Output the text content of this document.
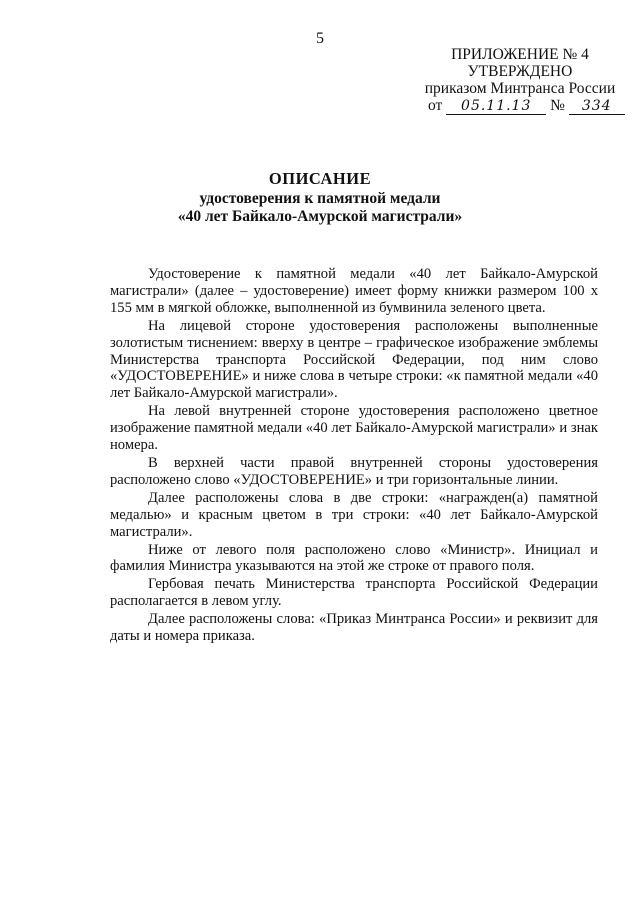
5
ПРИЛОЖЕНИЕ № 4
УТВЕРЖДЕНО
приказом Минтранса России
от 05.11.13 № 334
ОПИСАНИЕ
удостоверения к памятной медали
«40 лет Байкало-Амурской магистрали»

Удостоверение к памятной медали «40 лет Байкало-Амурской магистрали» (далее – удостоверение) имеет форму книжки размером 100 х 155 мм в мягкой обложке, выполненной из бумвинила зеленого цвета.

На лицевой стороне удостоверения расположены выполненные золотистым тиснением: вверху в центре – графическое изображение эмблемы Министерства транспорта Российской Федерации, под ним слово «УДОСТОВЕРЕНИЕ» и ниже слова в четыре строки: «к памятной медали «40 лет Байкало-Амурской магистрали».

На левой внутренней стороне удостоверения расположено цветное изображение памятной медали «40 лет Байкало-Амурской магистрали» и знак номера.

В верхней части правой внутренней стороны удостоверения расположено слово «УДОСТОВЕРЕНИЕ» и три горизонтальные линии.

Далее расположены слова в две строки: «награжден(а) памятной медалью» и красным цветом в три строки: «40 лет Байкало-Амурской магистрали».

Ниже от левого поля расположено слово «Министр». Инициал и фамилия Министра указываются на этой же строке от правого поля.

Гербовая печать Министерства транспорта Российской Федерации располагается в левом углу.

Далее расположены слова: «Приказ Минтранса России» и реквизит для даты и номера приказа.
